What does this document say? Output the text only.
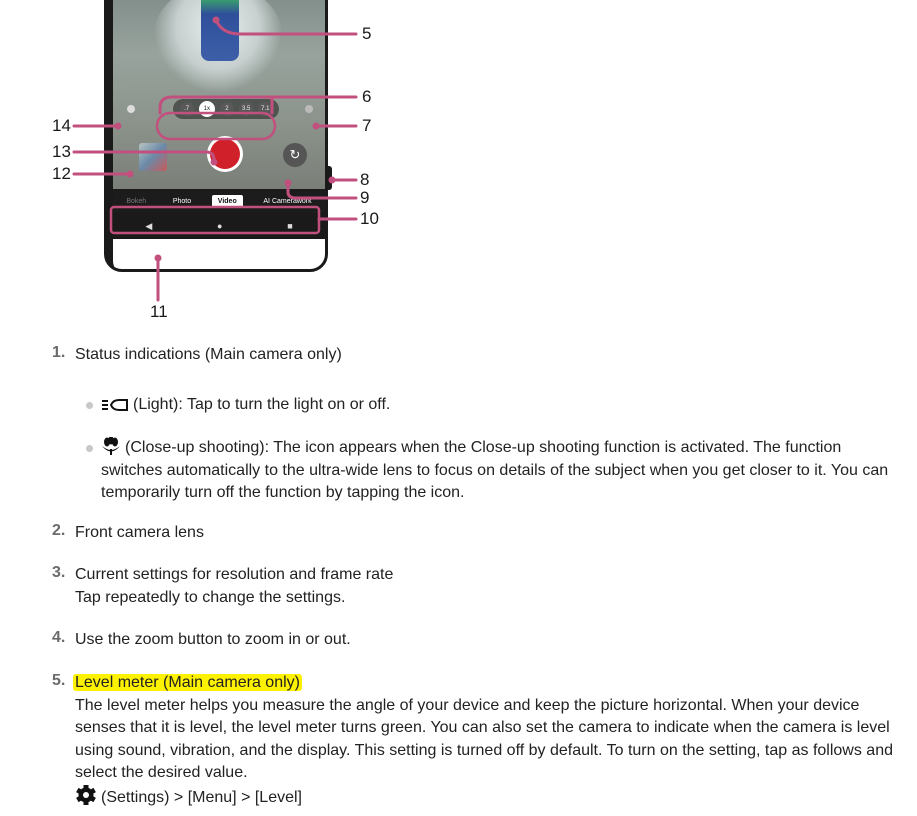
.7	1x	2	3.5	7.1
↻
Bokeh	Photo	Video	AI Camerawork
◀	●	■
5
6
7
8
9
10
11
12
13
14
1. Status indications (Main camera only)
(Light): Tap to turn the light on or off.
(Close-up shooting): The icon appears when the Close-up shooting function is activated. The function
switches automatically to the ultra-wide lens to focus on details of the subject when you get closer to it. You can
temporarily turn off the function by tapping the icon.
2. Front camera lens
3. Current settings for resolution and frame rate
Tap repeatedly to change the settings.
4. Use the zoom button to zoom in or out.
5. Level meter (Main camera only)
The level meter helps you measure the angle of your device and keep the picture horizontal. When your device
senses that it is level, the level meter turns green. You can also set the camera to indicate when the camera is level
using sound, vibration, and the display. This setting is turned off by default. To turn on the setting, tap as follows and
select the desired value.
(Settings) > [Menu] > [Level]
